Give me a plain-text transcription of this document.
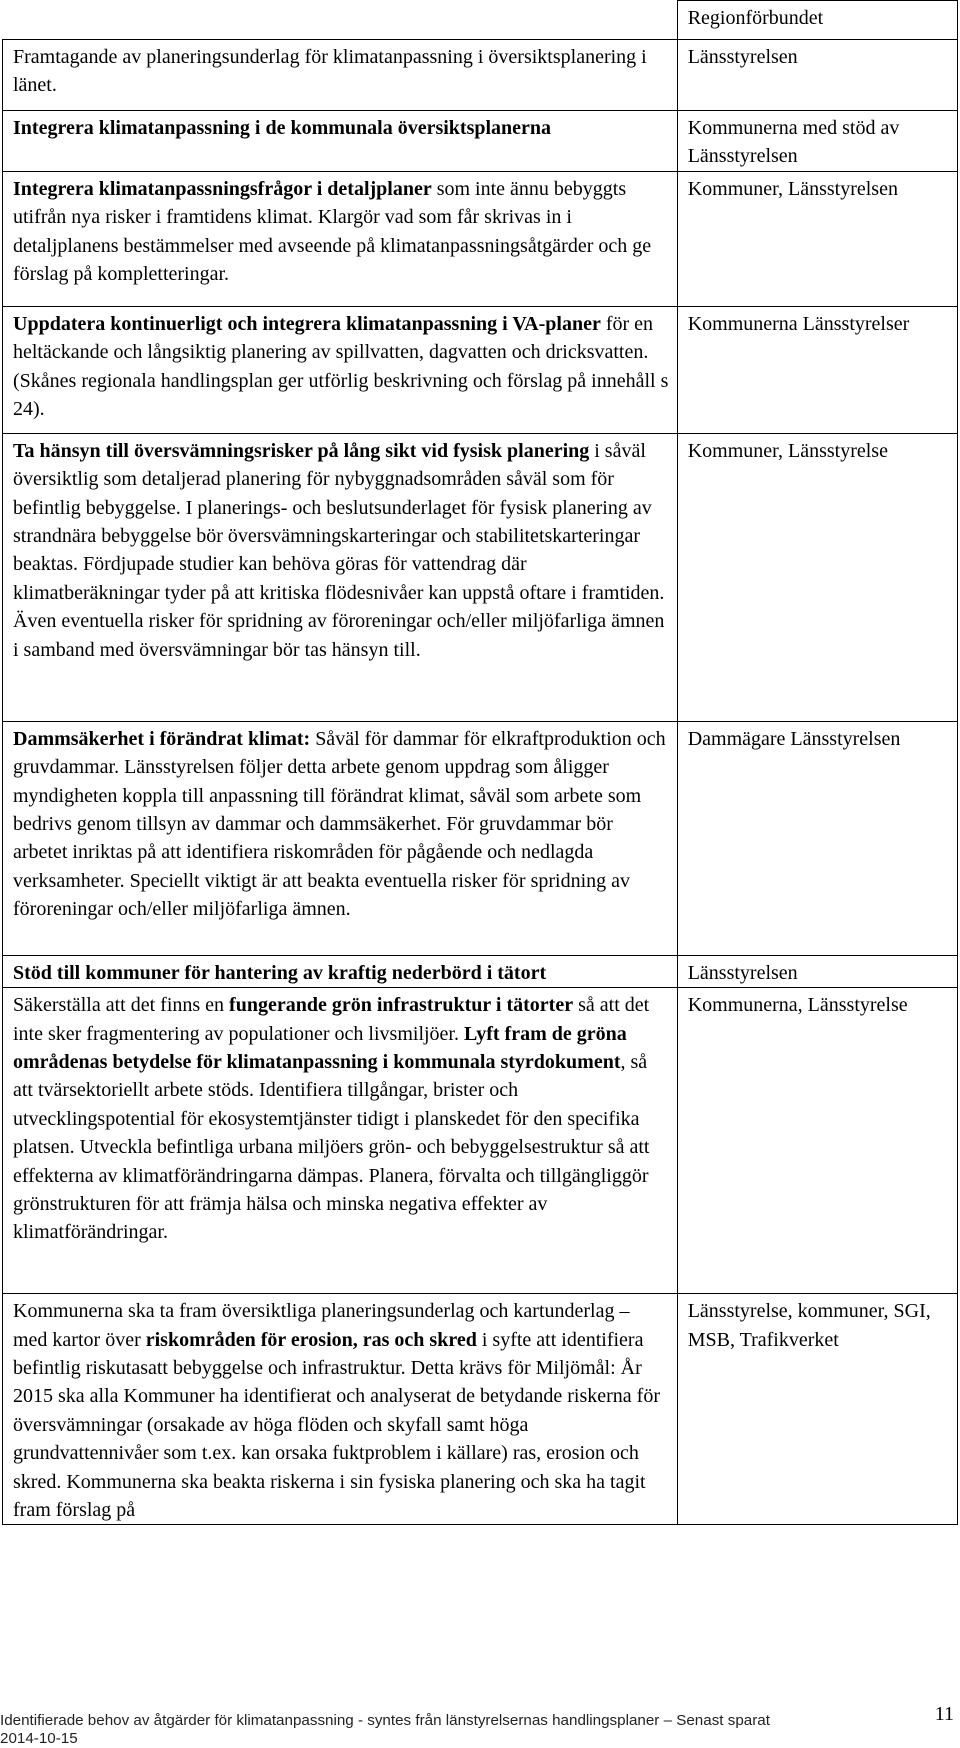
	Regionförbundet

Framtagande av planeringsunderlag för klimatanpassning i översiktsplanering i länet.	Länsstyrelsen

Integrera klimatanpassning i de kommunala översiktsplanerna	Kommunerna med stöd av Länsstyrelsen

Integrera klimatanpassningsfrågor i detaljplaner som inte ännu bebyggts utifrån nya risker i framtidens klimat. Klargör vad som får skrivas in i detaljplanens bestämmelser med avseende på klimatanpassningsåtgärder och ge förslag på kompletteringar.	Kommuner, Länsstyrelsen

Uppdatera kontinuerligt och integrera klimatanpassning i VA-planer för en heltäckande och långsiktig planering av spillvatten, dagvatten och dricksvatten. (Skånes regionala handlingsplan ger utförlig beskrivning och förslag på innehåll s 24).	Kommunerna Länsstyrelser

Ta hänsyn till översvämningsrisker på lång sikt vid fysisk planering i såväl översiktlig som detaljerad planering för nybyggnadsområden såväl som för befintlig bebyggelse. I planerings- och beslutsunderlaget för fysisk planering av strandnära bebyggelse bör översvämningskarteringar och stabilitetskarteringar beaktas. Fördjupade studier kan behöva göras för vattendrag där klimatberäkningar tyder på att kritiska flödesnivåer kan uppstå oftare i framtiden. Även eventuella risker för spridning av föroreningar och/eller miljöfarliga ämnen i samband med översvämningar bör tas hänsyn till.	Kommuner, Länsstyrelse

Dammsäkerhet i förändrat klimat: Såväl för dammar för elkraftproduktion och gruvdammar. Länsstyrelsen följer detta arbete genom uppdrag som åligger myndigheten koppla till anpassning till förändrat klimat, såväl som arbete som bedrivs genom tillsyn av dammar och dammsäkerhet. För gruvdammar bör arbetet inriktas på att identifiera riskområden för pågående och nedlagda verksamheter. Speciellt viktigt är att beakta eventuella risker för spridning av föroreningar och/eller miljöfarliga ämnen.	Dammägare Länsstyrelsen

Stöd till kommuner för hantering av kraftig nederbörd i tätort	Länsstyrelsen

Säkerställa att det finns en fungerande grön infrastruktur i tätorter så att det inte sker fragmentering av populationer och livsmiljöer. Lyft fram de gröna områdenas betydelse för klimatanpassning i kommunala styrdokument, så att tvärsektoriellt arbete stöds. Identifiera tillgångar, brister och utvecklingspotential för ekosystemtjänster tidigt i planskedet för den specifika platsen. Utveckla befintliga urbana miljöers grön- och bebyggelsestruktur så att effekterna av klimatförändringarna dämpas. Planera, förvalta och tillgängliggör grönstrukturen för att främja hälsa och minska negativa effekter av klimatförändringar.	Kommunerna, Länsstyrelse

Kommunerna ska ta fram översiktliga planeringsunderlag och kartunderlag – med kartor över riskområden för erosion, ras och skred i syfte att identifiera befintlig riskutasatt bebyggelse och infrastruktur. Detta krävs för Miljömål: År 2015 ska alla Kommuner ha identifierat och analyserat de betydande riskerna för översvämningar (orsakade av höga flöden och skyfall samt höga grundvattennivåer som t.ex. kan orsaka fuktproblem i källare) ras, erosion och skred. Kommunerna ska beakta riskerna i sin fysiska planering och ska ha tagit fram förslag på	Länsstyrelse, kommuner, SGI, MSB, Trafikverket

11
Identifierade behov av åtgärder för klimatanpassning - syntes från länstyrelsernas handlingsplaner – Senast sparat
2014-10-15
